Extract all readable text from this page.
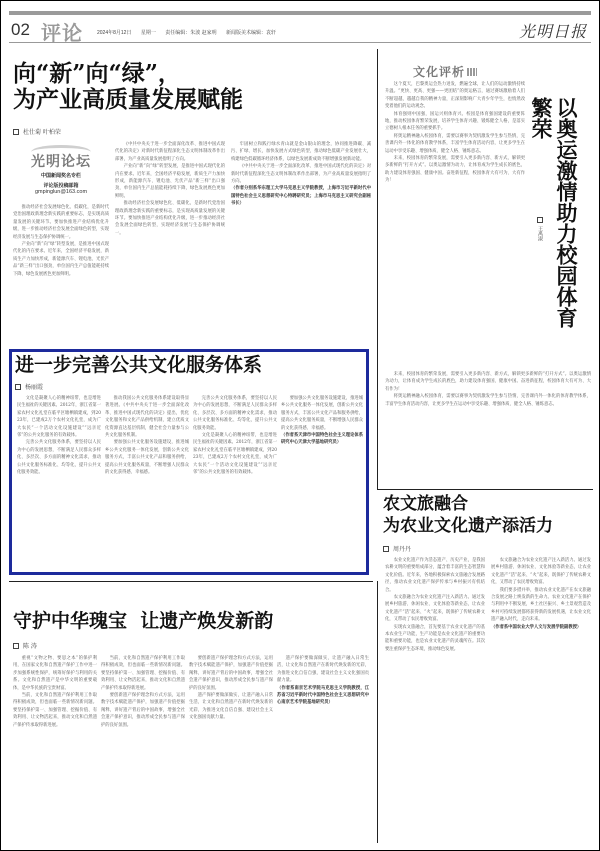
02 评论	2024年8月12日 星期一 责任编辑：朱波 赵家明 新闻版美术编辑：袁轩	光明日报
向“新”向“绿”，
为产业高质量发展赋能
杜仕菊 叶柏荣
光明论坛
中国新闻奖名专栏
评论版投稿邮箱
gmpinglun@163.com

推动经济社会发展绿色化、低碳化，是新时代党治国理政新理念新实践的重要标志，是实现高质量发展的关键环节。要加快推进产业结构优化升级，进一步推动经济社会发展全面绿色转型，实现经济发展与生态保护协调统一。

产业向“新”向“绿”转型发展，是推进中国式现代化的内在要求。近年来，全国经济平稳发展，新质生产力加快形成，新能源汽车、锂电池、光伏产品“新三样”出口强劲，单位国内生产总值能耗持续下降，绿色发展底色更加鲜明。

《中共中央关于进一步全面深化改革、推进中国式现代化的决定》对新时代新征程深化生态文明体制改革作出部署，为产业高质量发展指明了方向。

产业向“新”向“绿”转型发展，是推进中国式现代化的内在要求。近年来，全国经济平稳发展，新质生产力加快形成，新能源汽车、锂电池、光伏产品“新三样”出口强劲，单位国内生产总值能耗持续下降，绿色发展底色更加鲜明。

推动经济社会发展绿色化、低碳化，是新时代党治国理政新理念新实践的重要标志，是实现高质量发展的关键环节。要加快推进产业结构优化升级，进一步推动经济社会发展全面绿色转型，实现经济发展与生态保护协调统一。

牢固树立和践行绿水青山就是金山银山的理念，协同推进降碳、减污、扩绿、增长，加快发展方式绿色转型，推动绿色低碳产业发展壮大，构建绿色低碳循环经济体系，以绿色发展新成效不断增强发展新动能。

《中共中央关于进一步全面深化改革、推进中国式现代化的决定》对新时代新征程深化生态文明体制改革作出部署，为产业高质量发展指明了方向。

（作者分别系华东理工大学马克思主义学院教授，上海市习近平新时代中国特色社会主义思想研究中心特聘研究员；上海市马克思主义研究会副秘书长）

文化评析

这个夏天，巴黎奥运会热力迸发，燃遍全球，让人们的运动激情持续升温。“更快、更高、更强——更团结”的奥运格言，通过赛场激励着人们不断超越，越越自我的精神力量，正深刻影响广大青少年学生，也悄然改变着他们的运动观念。

体育强则中国强，国运兴则体育兴。校园是体育强国建设的重要阵地，推动校园体育繁荣发展，培养学生体育兴趣、锻炼健全人格，是落实立德树人根本任务的重要抓手。

将奥运精神融入校园体育，需要以赛事为契机激发学生参与热情，完善课内外一体化的体育教学体系，丰富学生体育活动内容，让更多学生在运动中享受乐趣、增强体质、健全人格、锤炼意志。

未来，校园体育的繁荣发展，需要引入更多新内容、新方式，解锁更多新鲜的“打开方式”。以奥运激情为动力，让体育成为学生成长的底色，助力建设体育强国、健康中国。奋进新征程，校园体育大有可为、大有作为！	以奥运激情助力校园体育繁荣
王禹淑

未来，校园体育的繁荣发展，需要引入更多新内容、新方式，解锁更多新鲜的“打开方式”。以奥运激情为动力，让体育成为学生成长的底色，助力建设体育强国、健康中国。奋进新征程，校园体育大有可为、大有作为！

将奥运精神融入校园体育，需要以赛事为契机激发学生参与热情，完善课内外一体化的体育教学体系，丰富学生体育活动内容，让更多学生在运动中享受乐趣、增强体质、健全人格、锤炼意志。

进一步完善公共文化服务体系
杨丽霞

文化是凝聚人心的精神纽带，也是增进民生福祉的关键因素。2012年，浙江省第一家农村文化礼堂在临平区塘栖镇建成，到2023年，已建成2万个农村文化礼堂，成为广大农民“一个活动文化设施建设”“远亲近邻”的公共文化服务的有效载体。

完善公共文化服务体系，要坚持以人民为中心的发展思想，不断满足人民群众多样化、多层次、多方面的精神文化需求，推动公共文化服务标准化、均等化，提升公共文化服务效能。

推动我国公共文化服务体系建设取得显著进展。《中共中央关于进一步全面深化改革、推进中国式现代化的决定》提出，优化文化服务和文化产品供给机制，建立优质文化资源直达基层机制，健全社会力量参与公共文化服务机制。

要加强公共文化服务设施建设，推进城乡公共文化服务一体化发展，创新公共文化服务方式，丰富公共文化产品和服务供给，提高公共文化服务质量，不断增强人民群众的文化获得感、幸福感。

完善公共文化服务体系，要坚持以人民为中心的发展思想，不断满足人民群众多样化、多层次、多方面的精神文化需求，推动公共文化服务标准化、均等化，提升公共文化服务效能。

文化是凝聚人心的精神纽带，也是增进民生福祉的关键因素。2012年，浙江省第一家农村文化礼堂在临平区塘栖镇建成，到2023年，已建成2万个农村文化礼堂，成为广大农民“一个活动文化设施建设”“远亲近邻”的公共文化服务的有效载体。

要加强公共文化服务设施建设，推进城乡公共文化服务一体化发展，创新公共文化服务方式，丰富公共文化产品和服务供给，提高公共文化服务质量，不断增强人民群众的文化获得感、幸福感。

（作者系天津市中国特色社会主义理论体系研究中心天津大学基地研究员）

农文旅融合
为农业文化遗产添活力
周丹丹

农业文化遗产作为活态遗产、历史产业，是我国农耕文明的重要组成部分，蕴含着丰富的生态智慧和文化价值。近年来，各地积极探索农文旅融合发展路径，推动农业文化遗产保护传承与乡村振兴有机结合。

农文旅融合为农业文化遗产注入新活力。通过发展乡村旅游、休闲农业、文化体验等新业态，让农业文化遗产“活”起来、“火”起来，既保护了传统农耕文化，又带动了农民增收致富。

实现农文旅融合，首先要基于农业文化遗产的基本农业生产功能，生产功能是农业文化遗产的重要功能和重要功能，也是农业文化遗产的灵魂所在。其次要注重保护生态环境，推动绿色发展。

农文旅融合为农业文化遗产注入新活力。通过发展乡村旅游、休闲农业、文化体验等新业态，让农业文化遗产“活”起来、“火”起来，既保护了传统农耕文化，又带动了农民增收致富。

我们要多措并举，推动农业文化遗产在农文旅融合发展之路上焕发新的生命力。农业文化遗产在保护与利用中不断发展，乡土社区振兴、乡土景观营造及乡村可持续发展都将获得新的发展机遇，让农业文化遗产融入时代、走向未来。

（作者系中国农业大学人文与发展学院副教授）

守护中华瑰宝  让遗产焕发新韵
陈 涛

重视“文物之物、要思之本”的保护利用，在国家文化和自然遗产保护工作中进一步加强系统性保护，统筹好保护与利用的关系。文化和自然遗产是中华文明的重要载体，是中华民族的宝贵财富。

当前，文化和自然遗产保护利用工作取得积极成效，但也面临一些新情况新问题。要坚持保护第一、加强管理、挖掘价值、有效利用、让文物活起来，推动文化和自然遗产保护传承取得新进展。

当前，文化和自然遗产保护利用工作取得积极成效，但也面临一些新情况新问题。要坚持保护第一、加强管理、挖掘价值、有效利用、让文物活起来，推动文化和自然遗产保护传承取得新进展。

要创新遗产保护理念和方式方法，运用数字技术赋能遗产保护，加强遗产价值挖掘阐释，讲好遗产背后的中国故事，增强全社会遗产保护意识，推动形成全民参与遗产保护的良好氛围。

要创新遗产保护理念和方式方法，运用数字技术赋能遗产保护，加强遗产价值挖掘阐释，讲好遗产背后的中国故事，增强全社会遗产保护意识，推动形成全民参与遗产保护的良好氛围。

遗产保护要做深做实，让遗产融入日常生活，让文化和自然遗产在新时代焕发新的光彩，为推进文化自信自强、建设社会主义文化强国贡献力量。

遗产保护要做深做实，让遗产融入日常生活，让文化和自然遗产在新时代焕发新的光彩，为推进文化自信自强、建设社会主义文化强国贡献力量。

（作者系南京艺术学院马克思主义学院教授，江苏省习近平新时代中国特色社会主义思想研究中心南京艺术学院基地研究员）
